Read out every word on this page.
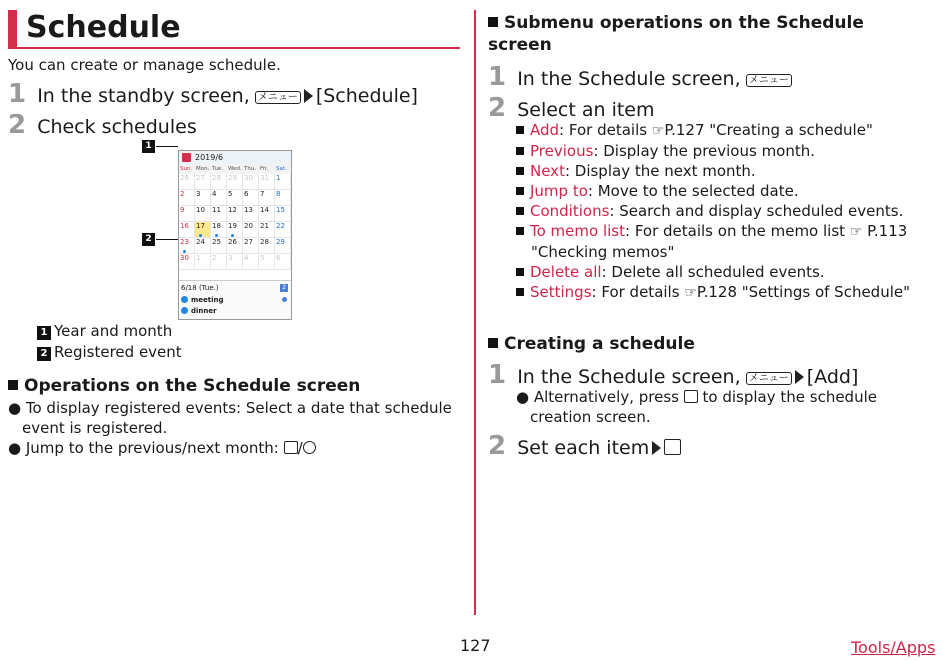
Schedule
You can create or manage schedule.
1 In the standby screen, メニュー [Schedule]
2 Check schedules
1
2
2019/6
Sun. Mon. Tue. Wed. Thu. Fri. Sat.
26	27	28	29	30	31	1
2	3	4	5	6	7	8
9	10	11	12	13	14	15
16	17	18	19	20	21	22
23	24	25	26	27	28	29
30	1	2	3	4	5	6
6/18 (Tue.)	2
meeting
dinner
1 Year and month
2 Registered event
Operations on the Schedule screen
● To display registered events: Select a date that schedule event is registered.
● Jump to the previous/next month: /
Submenu operations on the Schedule screen
1 In the Schedule screen, メニュー
2 Select an item
Add: For details ☞P.127 "Creating a schedule"
Previous: Display the previous month.
Next: Display the next month.
Jump to: Move to the selected date.
Conditions: Search and display scheduled events.
To memo list: For details on the memo list ☞ P.113 "Checking memos"
Delete all: Delete all scheduled events.
Settings: For details ☞P.128 "Settings of Schedule"
Creating a schedule
1 In the Schedule screen, メニュー [Add]
● Alternatively, press to display the schedule creation screen.
2 Set each item
127	Tools/Apps
